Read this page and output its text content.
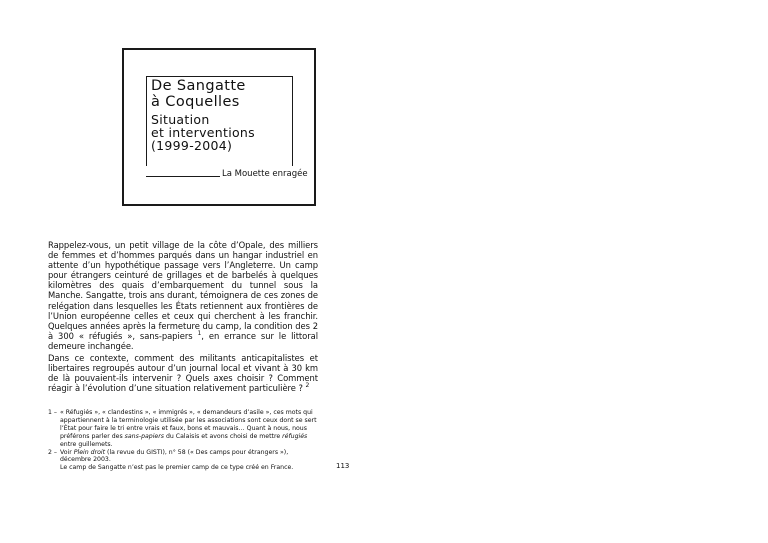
De Sangatte
à Coquelles
Situation
et interventions
(1999-2004)
La Mouette enragée

Rappelez-vous, un petit village de la côte d’Opale, des milliers de femmes et d’hommes parqués dans un hangar industriel en attente d’un hypothétique passage vers l’Angleterre. Un camp pour étrangers ceinturé de grillages et de barbelés à quelques kilomètres des quais d’embarquement du tunnel sous la Manche. Sangatte, trois ans durant, témoignera de ces zones de relégation dans lesquelles les États retiennent aux frontières de l’Union européenne celles et ceux qui cherchent à les franchir. Quelques années après la fermeture du camp, la condition des 2 à 300 « réfugiés », sans-papiers $^1$, en errance sur le littoral demeure inchangée.

Dans ce contexte, comment des militants anticapitalistes et libertaires regroupés autour d’un journal local et vivant à 30 km de là pouvaient-ils intervenir ? Quels axes choisir ? Comment réagir à l’évolution d’une situation relativement particulière ? $^2$

1 – « Réfugiés », « clandestins », « immigrés », « demandeurs d’asile », ces mots qui appartiennent à la terminologie utilisée par les associations sont ceux dont se sert l’État pour faire le tri entre vrais et faux, bons et mauvais… Quant à nous, nous préférons parler des sans-papiers du Calaisis et avons choisi de mettre réfugiés entre guillemets.

2 – Voir Plein droit (la revue du GISTI), n° 58 (« Des camps pour étrangers »), décembre 2003.
Le camp de Sangatte n’est pas le premier camp de ce type créé en France.	113
